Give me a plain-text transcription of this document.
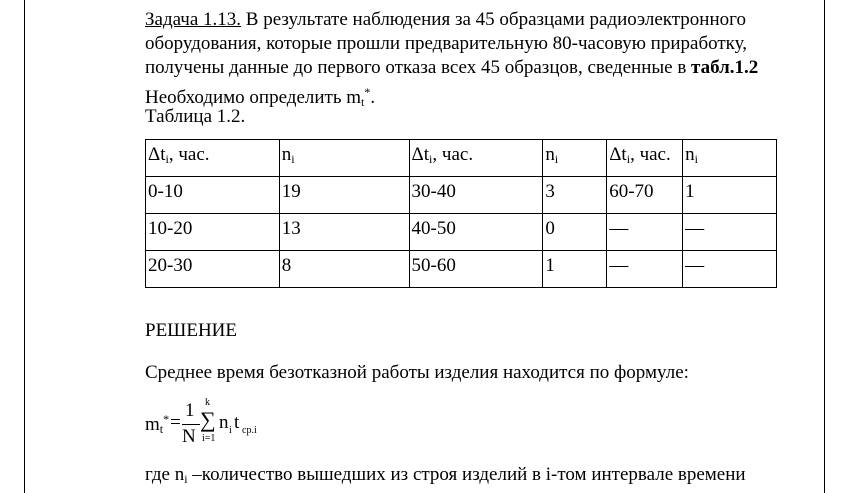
Задача 1.13. В результате наблюдения за 45 образцами радиоэлектронного

оборудования, которые прошли предварительную 80-часовую приработку,

получены данные до первого отказа всех 45 образцов, сведенные в табл.1.2

Необходимо определить $m_t^*$.

Таблица 1.2.
$\Delta t_i$, час.	$n_i$	$\Delta t_i$, час.	$n_i$	$\Delta t_i$, час.	$n_i$
0-10	19	30-40	3	60-70	1
10-20	13	40-50	0	—	—
20-30	8	50-60	1	—	—
РЕШЕНИЕ
Среднее время безотказной работы изделия находится по формуле:
$m_t^*$ =
1
N
k
∑
i=1
n i t ср.i
где $n_i$ –количество вышедших из строя изделий в i-том интервале времени
